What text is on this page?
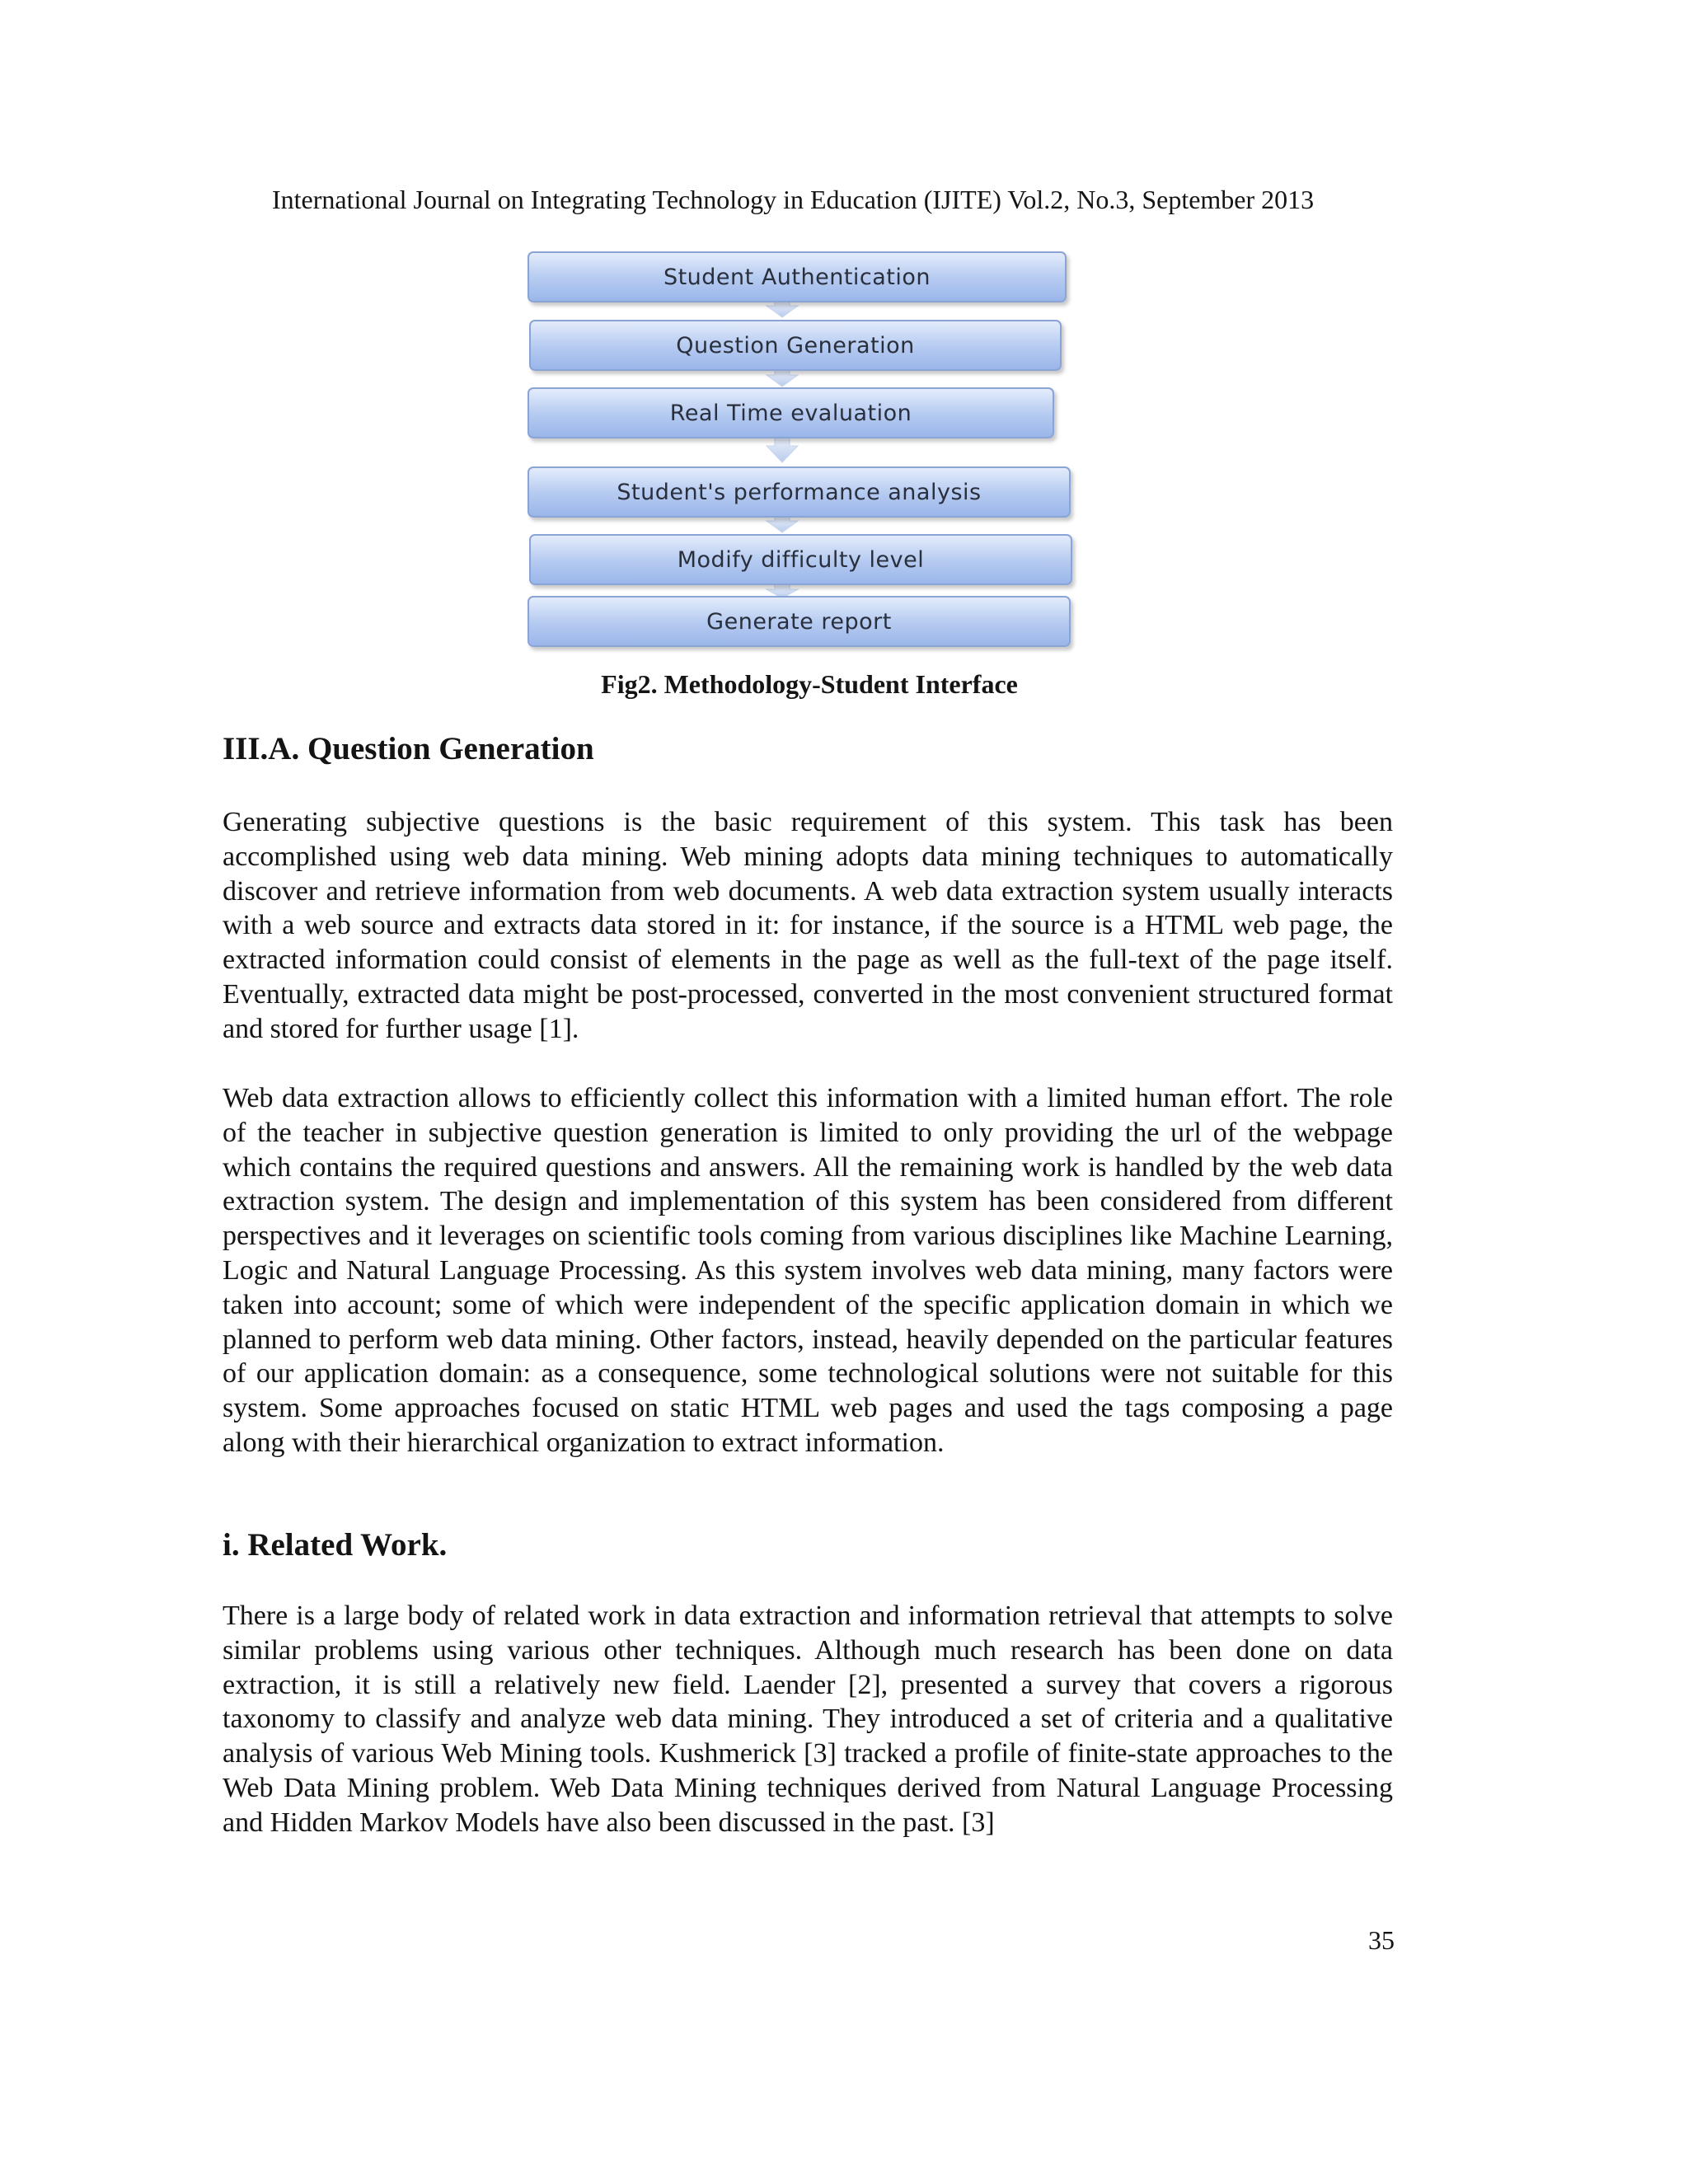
International Journal on Integrating Technology in Education (IJITE) Vol.2, No.3, September 2013
Student Authentication
Question Generation
Real Time evaluation
Student's performance analysis
Modify difficulty level
Generate report
Fig2. Methodology-Student Interface
III.A. Question Generation

Generating subjective questions is the basic requirement of this system. This task has been accomplished using web data mining. Web mining adopts data mining techniques to automatically discover and retrieve information from web documents. A web data extraction system usually interacts with a web source and extracts data stored in it: for instance, if the source is a HTML web page, the extracted information could consist of elements in the page as well as the full-text of the page itself. Eventually, extracted data might be post-processed, converted in the most convenient structured format and stored for further usage [1].

Web data extraction allows to efficiently collect this information with a limited human effort. The role of the teacher in subjective question generation is limited to only providing the url of the webpage which contains the required questions and answers. All the remaining work is handled by the web data extraction system. The design and implementation of this system has been considered from different perspectives and it leverages on scientific tools coming from various disciplines like Machine Learning, Logic and Natural Language Processing. As this system involves web data mining, many factors were taken into account; some of which were independent of the specific application domain in which we planned to perform web data mining. Other factors, instead, heavily depended on the particular features of our application domain: as a consequence, some technological solutions were not suitable for this system. Some approaches focused on static HTML web pages and used the tags composing a page along with their hierarchical organization to extract information.

i. Related Work.

There is a large body of related work in data extraction and information retrieval that attempts to solve similar problems using various other techniques. Although much research has been done on data extraction, it is still a relatively new field. Laender [2], presented a survey that covers a rigorous taxonomy to classify and analyze web data mining. They introduced a set of criteria and a qualitative analysis of various Web Mining tools. Kushmerick [3] tracked a profile of finite-state approaches to the Web Data Mining problem. Web Data Mining techniques derived from Natural Language Processing and Hidden Markov Models have also been discussed in the past. [3]

35
